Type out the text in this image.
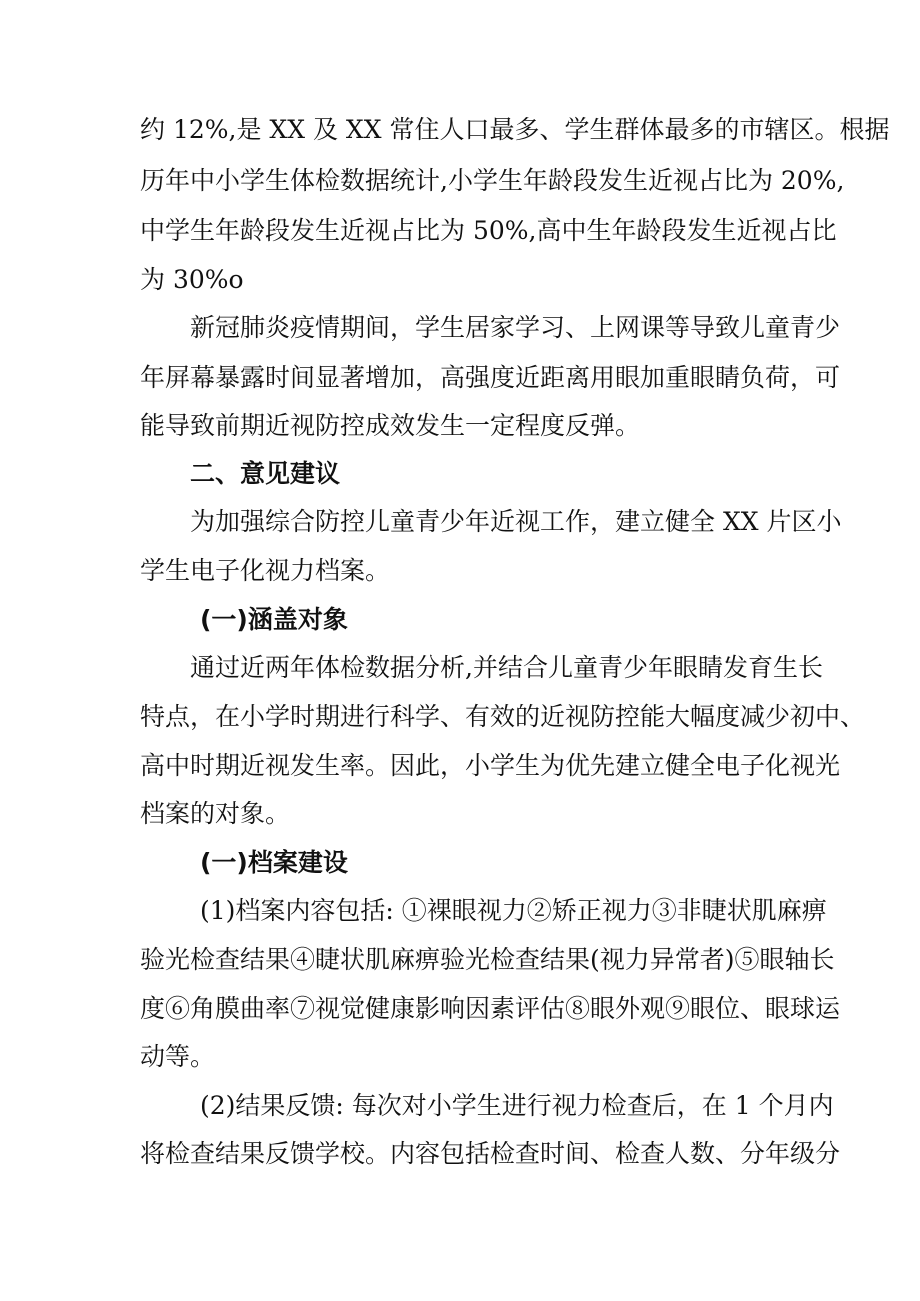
约 12%,是 XX 及 XX 常住人口最多、学生群体最多的市辖区。根据

历年中小学生体检数据统计,小学生年龄段发生近视占比为 20%,

中学生年龄段发生近视占比为 50%,高中生年龄段发生近视占比

为 30%o

新冠肺炎疫情期间，学生居家学习、上网课等导致儿童青少

年屏幕暴露时间显著增加，高强度近距离用眼加重眼睛负荷，可

能导致前期近视防控成效发生一定程度反弹。

二、意见建议

为加强综合防控儿童青少年近视工作，建立健全 XX 片区小

学生电子化视力档案。

(一)涵盖对象

通过近两年体检数据分析,并结合儿童青少年眼睛发育生长

特点，在小学时期进行科学、有效的近视防控能大幅度减少初中、

高中时期近视发生率。因此，小学生为优先建立健全电子化视光

档案的对象。

(一)档案建设

(1)档案内容包括: ①裸眼视力②矫正视力③非睫状肌麻痹

验光检查结果④睫状肌麻痹验光检查结果(视力异常者)⑤眼轴长

度⑥角膜曲率⑦视觉健康影响因素评估⑧眼外观⑨眼位、眼球运

动等。

(2)结果反馈: 每次对小学生进行视力检查后，在 1 个月内

将检查结果反馈学校。内容包括检查时间、检查人数、分年级分
